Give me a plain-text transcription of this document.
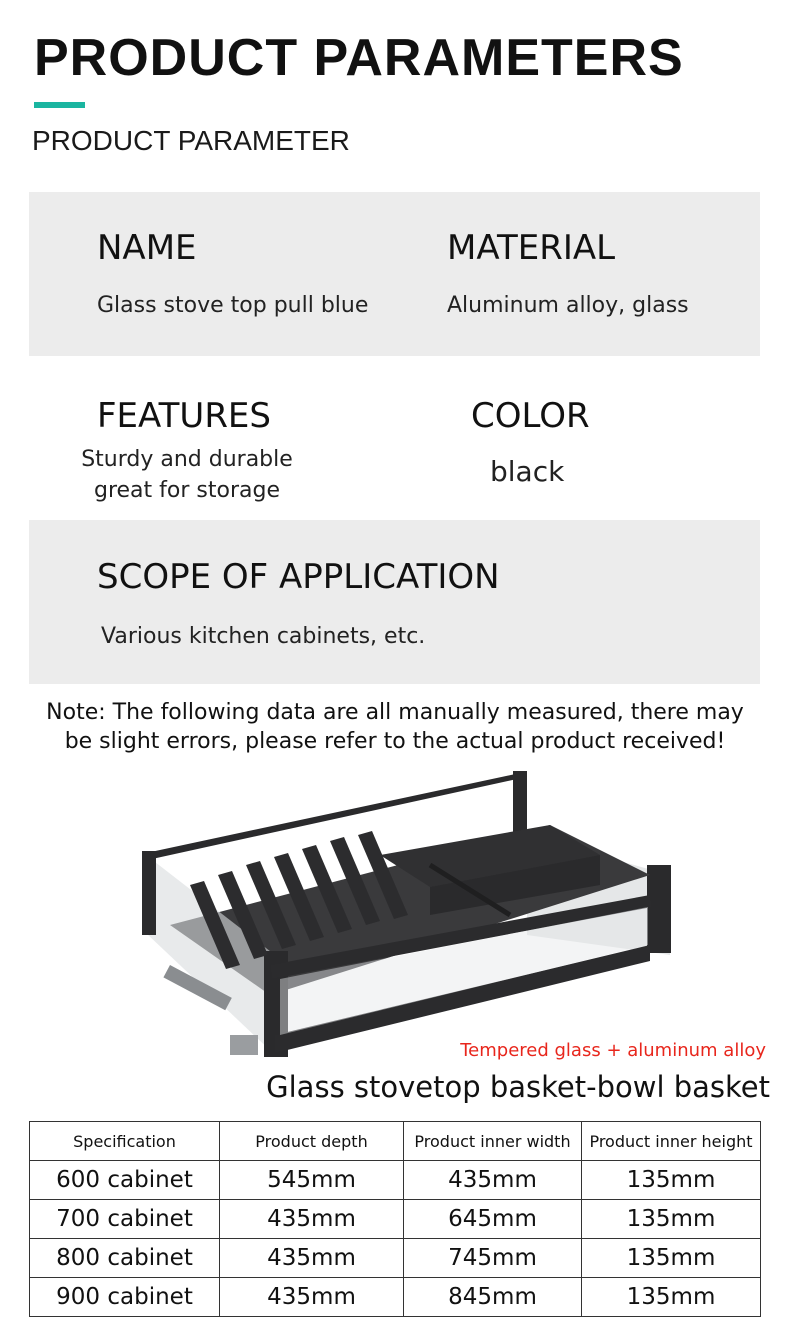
PRODUCT PARAMETERS
PRODUCT PARAMETER
NAME
Glass stove top pull blue
MATERIAL
Aluminum alloy, glass
FEATURES
Sturdy and durable
great for storage
COLOR
black
SCOPE OF APPLICATION
Various kitchen cabinets, etc.
Note: The following data are all manually measured, there may
be slight errors, please refer to the actual product received!
Tempered glass + aluminum alloy
Glass stovetop basket-bowl basket
Specification	Product depth	Product inner width	Product inner height
600 cabinet	545mm	435mm	135mm
700 cabinet	435mm	645mm	135mm
800 cabinet	435mm	745mm	135mm
900 cabinet	435mm	845mm	135mm
